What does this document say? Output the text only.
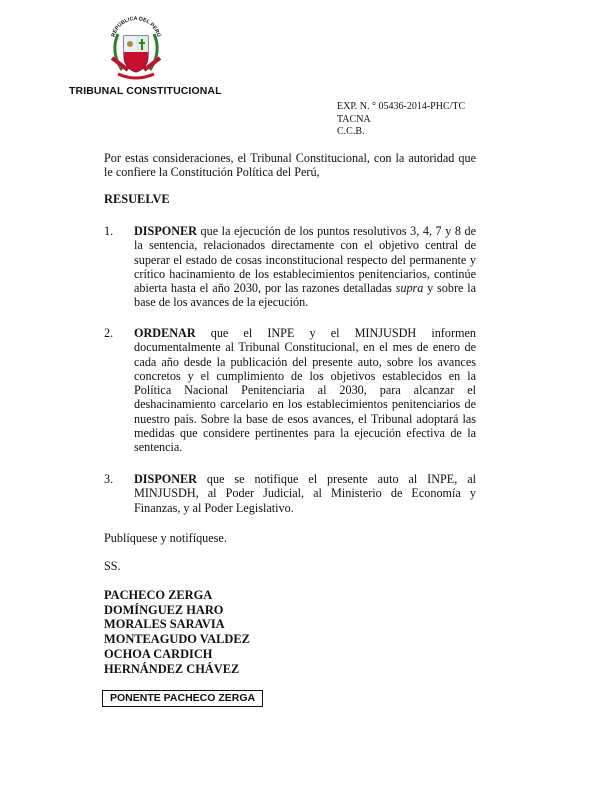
REPÚBLICA DEL PERÚ
TRIBUNAL CONSTITUCIONAL
EXP. N. ° 05436-2014-PHC/TC
TACNA
C.C.B.
Por estas consideraciones, el Tribunal Constitucional, con la autoridad que le confiere la Constitución Política del Perú,
RESUELVE
1. DISPONER que la ejecución de los puntos resolutivos 3, 4, 7 y 8 de la sentencia, relacionados directamente con el objetivo central de superar el estado de cosas inconstitucional respecto del permanente y crítico hacinamiento de los establecimientos penitenciarios, continúe abierta hasta el año 2030, por las razones detalladas supra y sobre la base de los avances de la ejecución.
2. ORDENAR que el INPE y el MINJUSDH informen documentalmente al Tribunal Constitucional, en el mes de enero de cada año desde la publicación del presente auto, sobre los avances concretos y el cumplimiento de los objetivos establecidos en la Política Nacional Penitenciaria al 2030, para alcanzar el deshacinamiento carcelario en los establecimientos penitenciarios de nuestro país. Sobre la base de esos avances, el Tribunal adoptará las medidas que considere pertinentes para la ejecución efectiva de la sentencia.
3. DISPONER que se notifique el presente auto al INPE, al MINJUSDH, al Poder Judicial, al Ministerio de Economía y Finanzas, y al Poder Legislativo.
Publíquese y notifíquese.
SS.
PACHECO ZERGA
DOMÍNGUEZ HARO
MORALES SARAVIA
MONTEAGUDO VALDEZ
OCHOA CARDICH
HERNÁNDEZ CHÁVEZ
PONENTE PACHECO ZERGA
